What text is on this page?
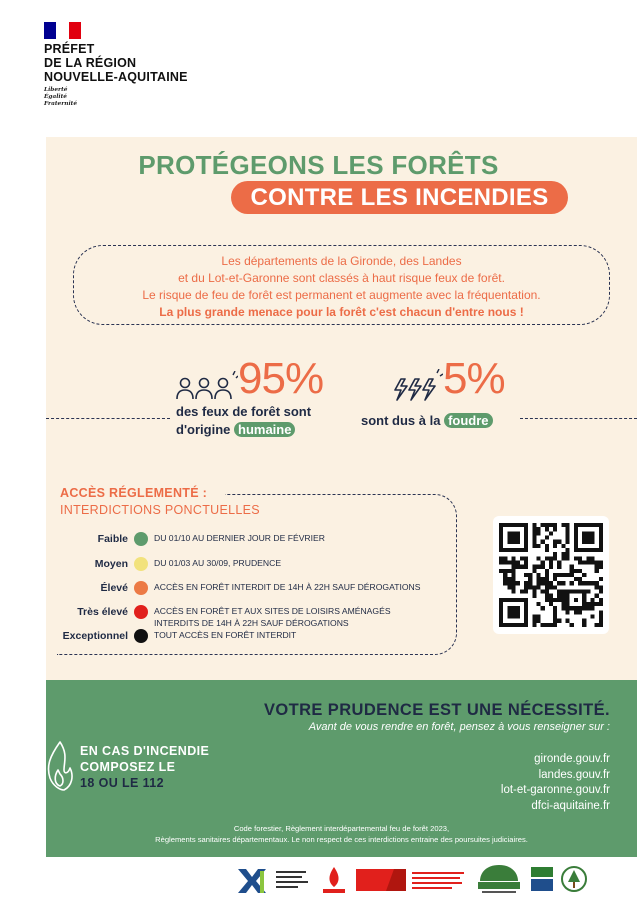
PRÉFET
DE LA RÉGION
NOUVELLE-AQUITAINE
Liberté
Égalité
Fraternité
PROTÉGEONS LES FORÊTS
CONTRE LES INCENDIES
Les départements de la Gironde, des Landes
et du Lot-et-Garonne sont classés à haut risque feux de forêt.
Le risque de feu de forêt est permanent et augmente avec la fréquentation.
La plus grande menace pour la forêt c'est chacun d'entre nous !
95%
des feux de forêt sont
d'origine humaine
5%
sont dus à la foudre
ACCÈS RÉGLEMENTÉ :
INTERDICTIONS PONCTUELLES
Faible	DU 01/10 AU DERNIER JOUR DE FÉVRIER
Moyen	DU 01/03 AU 30/09, PRUDENCE
Élevé	ACCÈS EN FORÊT INTERDIT DE 14H À 22H SAUF DÉROGATIONS
Très élevé	ACCÈS EN FORÊT ET AUX SITES DE LOISIRS AMÉNAGÉS
INTERDITS DE 14H À 22H SAUF DÉROGATIONS
Exceptionnel	TOUT ACCÈS EN FORÊT INTERDIT
VOTRE PRUDENCE EST UNE NÉCESSITÉ.
Avant de vous rendre en forêt, pensez à vous renseigner sur :
gironde.gouv.fr
landes.gouv.fr
lot-et-garonne.gouv.fr
dfci-aquitaine.fr
EN CAS D'INCENDIE
COMPOSEZ LE
18 OU LE 112
Code forestier, Règlement interdépartemental feu de forêt 2023,
Règlements sanitaires départementaux. Le non respect de ces interdictions entraine des poursuites judiciaires.
